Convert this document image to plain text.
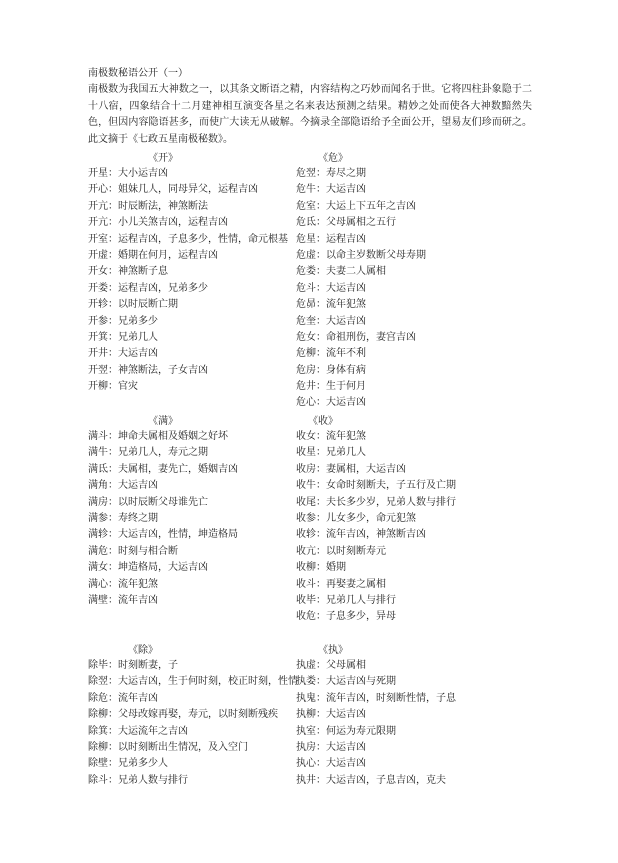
南极数秘语公开（一）
南极数为我国五大神数之一，以其条文断语之精，内容结构之巧妙而闻名于世。它将四柱卦象隐于二十八宿，四象结合十二月建神相互演变各星之名来表达预测之结果。精妙之处而使各大神数黯然失色，但因内容隐语甚多，而使广大读无从破解。今摘录全部隐语给予全面公开，望易友们珍而研之。此文摘于《七政五星南极秘数》。
《开》
开星：大小运吉凶
开心：姐妹几人，同母异父，运程吉凶
开亢：时辰断法，神煞断法
开亢：小儿关煞吉凶，运程吉凶
开室：运程吉凶，子息多少，性情，命元根基
开虚：婚期在何月，运程吉凶
开女：神煞断子息
开娄：运程吉凶，兄弟多少
开轸：以时辰断亡期
开参：兄弟多少
开箕：兄弟几人
开井：大运吉凶
开翌：神煞断法，子女吉凶
开柳：官灾
《危》
危翌：寿尽之期
危牛：大运吉凶
危室：大运上下五年之吉凶
危氐：父母属相之五行
危星：运程吉凶
危虚：以命主岁数断父母寿期
危娄：夫妻二人属相
危斗：大运吉凶
危昴：流年犯煞
危奎：大运吉凶
危女：命祖刑伤，妻宫吉凶
危柳：流年不利
危房：身体有病
危井：生于何月
危心：大运吉凶
《满》
满斗：坤命夫属相及婚姻之好坏
满牛：兄弟几人，寿元之期
满氐：夫属相，妻先亡，婚姻吉凶
满角：大运吉凶
满房：以时辰断父母谁先亡
满参：寿终之期
满轸：大运吉凶，性情，坤造格局
满危：时刻与相合断
满女：坤造格局，大运吉凶
满心：流年犯煞
满壁：流年吉凶
《收》
收女：流年犯煞
收星：兄弟几人
收房：妻属相，大运吉凶
收牛：女命时刻断夫，子五行及亡期
收尾：夫长多少岁，兄弟人数与排行
收参：儿女多少，命元犯煞
收轸：流年吉凶，神煞断吉凶
收亢：以时刻断寿元
收柳：婚期
收斗：再娶妻之属相
收毕：兄弟几人与排行
收危：子息多少，异母
《除》
除毕：时刻断妻，子
除翌：大运吉凶，生于何时刻，校正时刻，性情
除危：流年吉凶
除柳：父母改嫁再娶，寿元，以时刻断残疾
除箕：大运流年之吉凶
除柳：以时刻断出生情况，及入空门
除壁：兄弟多少人
除斗：兄弟人数与排行
《执》
执虚：父母属相
执娄：大运吉凶与死期
执鬼：流年吉凶，时刻断性情，子息
执柳：大运吉凶
执室：何运为寿元限期
执房：大运吉凶
执心：大运吉凶
执井：大运吉凶，子息吉凶，克夫
